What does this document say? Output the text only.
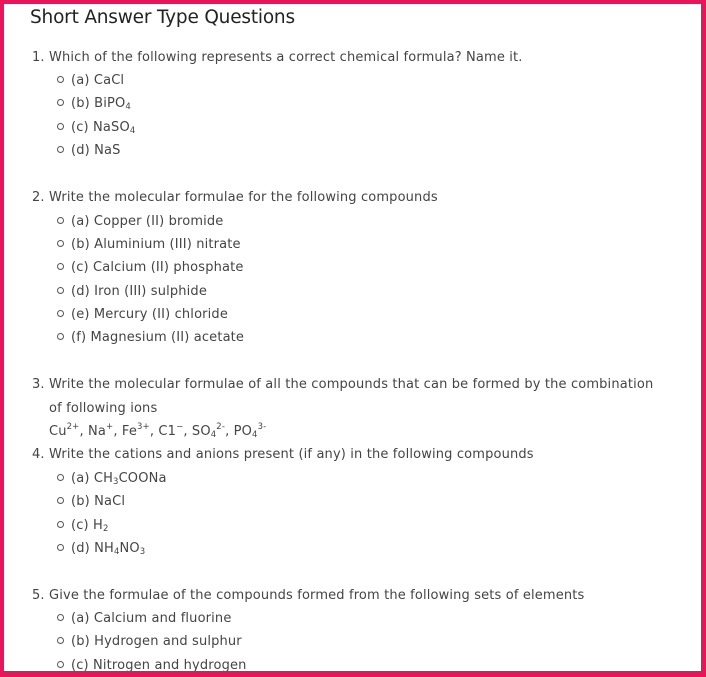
Short Answer Type Questions
1. Which of the following represents a correct chemical formula? Name it.
(a) CaCl
(b) BiPO$_4$
(c) NaSO$_4$
(d) NaS
2. Write the molecular formulae for the following compounds
(a) Copper (II) bromide
(b) Aluminium (III) nitrate
(c) Calcium (II) phosphate
(d) Iron (III) sulphide
(e) Mercury (II) chloride
(f) Magnesium (II) acetate
3. Write the molecular formulae of all the compounds that can be formed by the combination
of following ions
$Cu^{2+}$, Na+, $Fe^{3+}$, C1−, $SO_4^{2-}$, $PO_4^{3-}$
4. Write the cations and anions present (if any) in the following compounds
(a) $CH_3COONa$
(b) NaCl
(c) $H_2$
(d) $NH_4NO_3$
5. Give the formulae of the compounds formed from the following sets of elements
(a) Calcium and fluorine
(b) Hydrogen and sulphur
(c) Nitrogen and hydrogen
